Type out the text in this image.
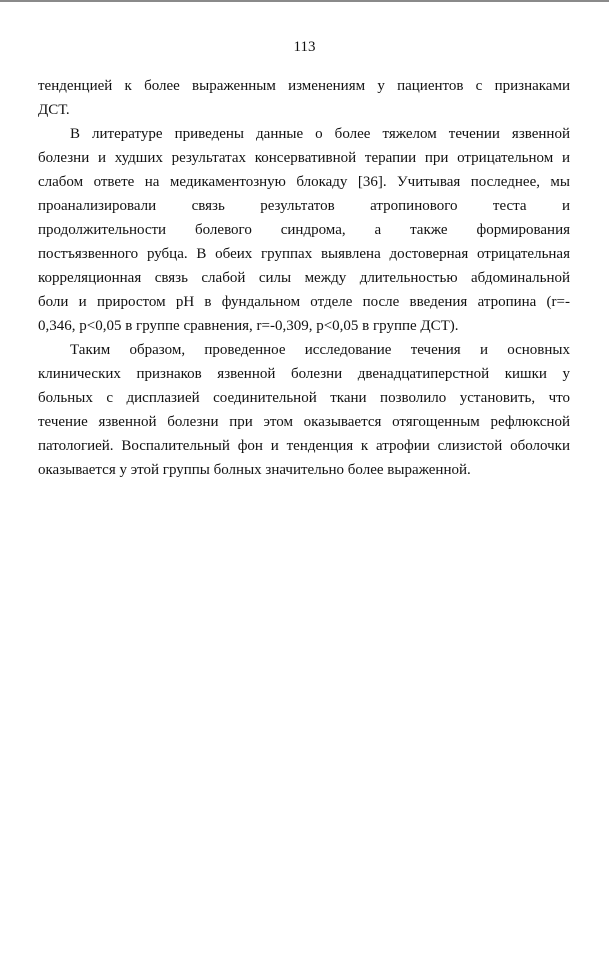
113
тенденцией к более выраженным изменениям у пациентов с признаками
ДСТ.
В литературе приведены данные о более тяжелом течении язвенной
болезни и худших результатах консервативной терапии при отрицательном и
слабом ответе на медикаментозную блокаду [36]. Учитывая последнее, мы
проанализировали связь результатов атропинового теста и
продолжительности болевого синдрома, а также формирования
постъязвенного рубца. В обеих группах выявлена достоверная отрицательная
корреляционная связь слабой силы между длительностью абдоминальной
боли и приростом pH в фундальном отделе после введения атропина (r=-
0,346, p<0,05 в группе сравнения, r=-0,309, p<0,05 в группе ДСТ).
Таким образом, проведенное исследование течения и основных
клинических признаков язвенной болезни двенадцатиперстной кишки у
больных с дисплазией соединительной ткани позволило установить, что
течение язвенной болезни при этом оказывается отягощенным рефлюксной
патологией. Воспалительный фон и тенденция к атрофии слизистой оболочки
оказывается у этой группы болных значительно более выраженной.
